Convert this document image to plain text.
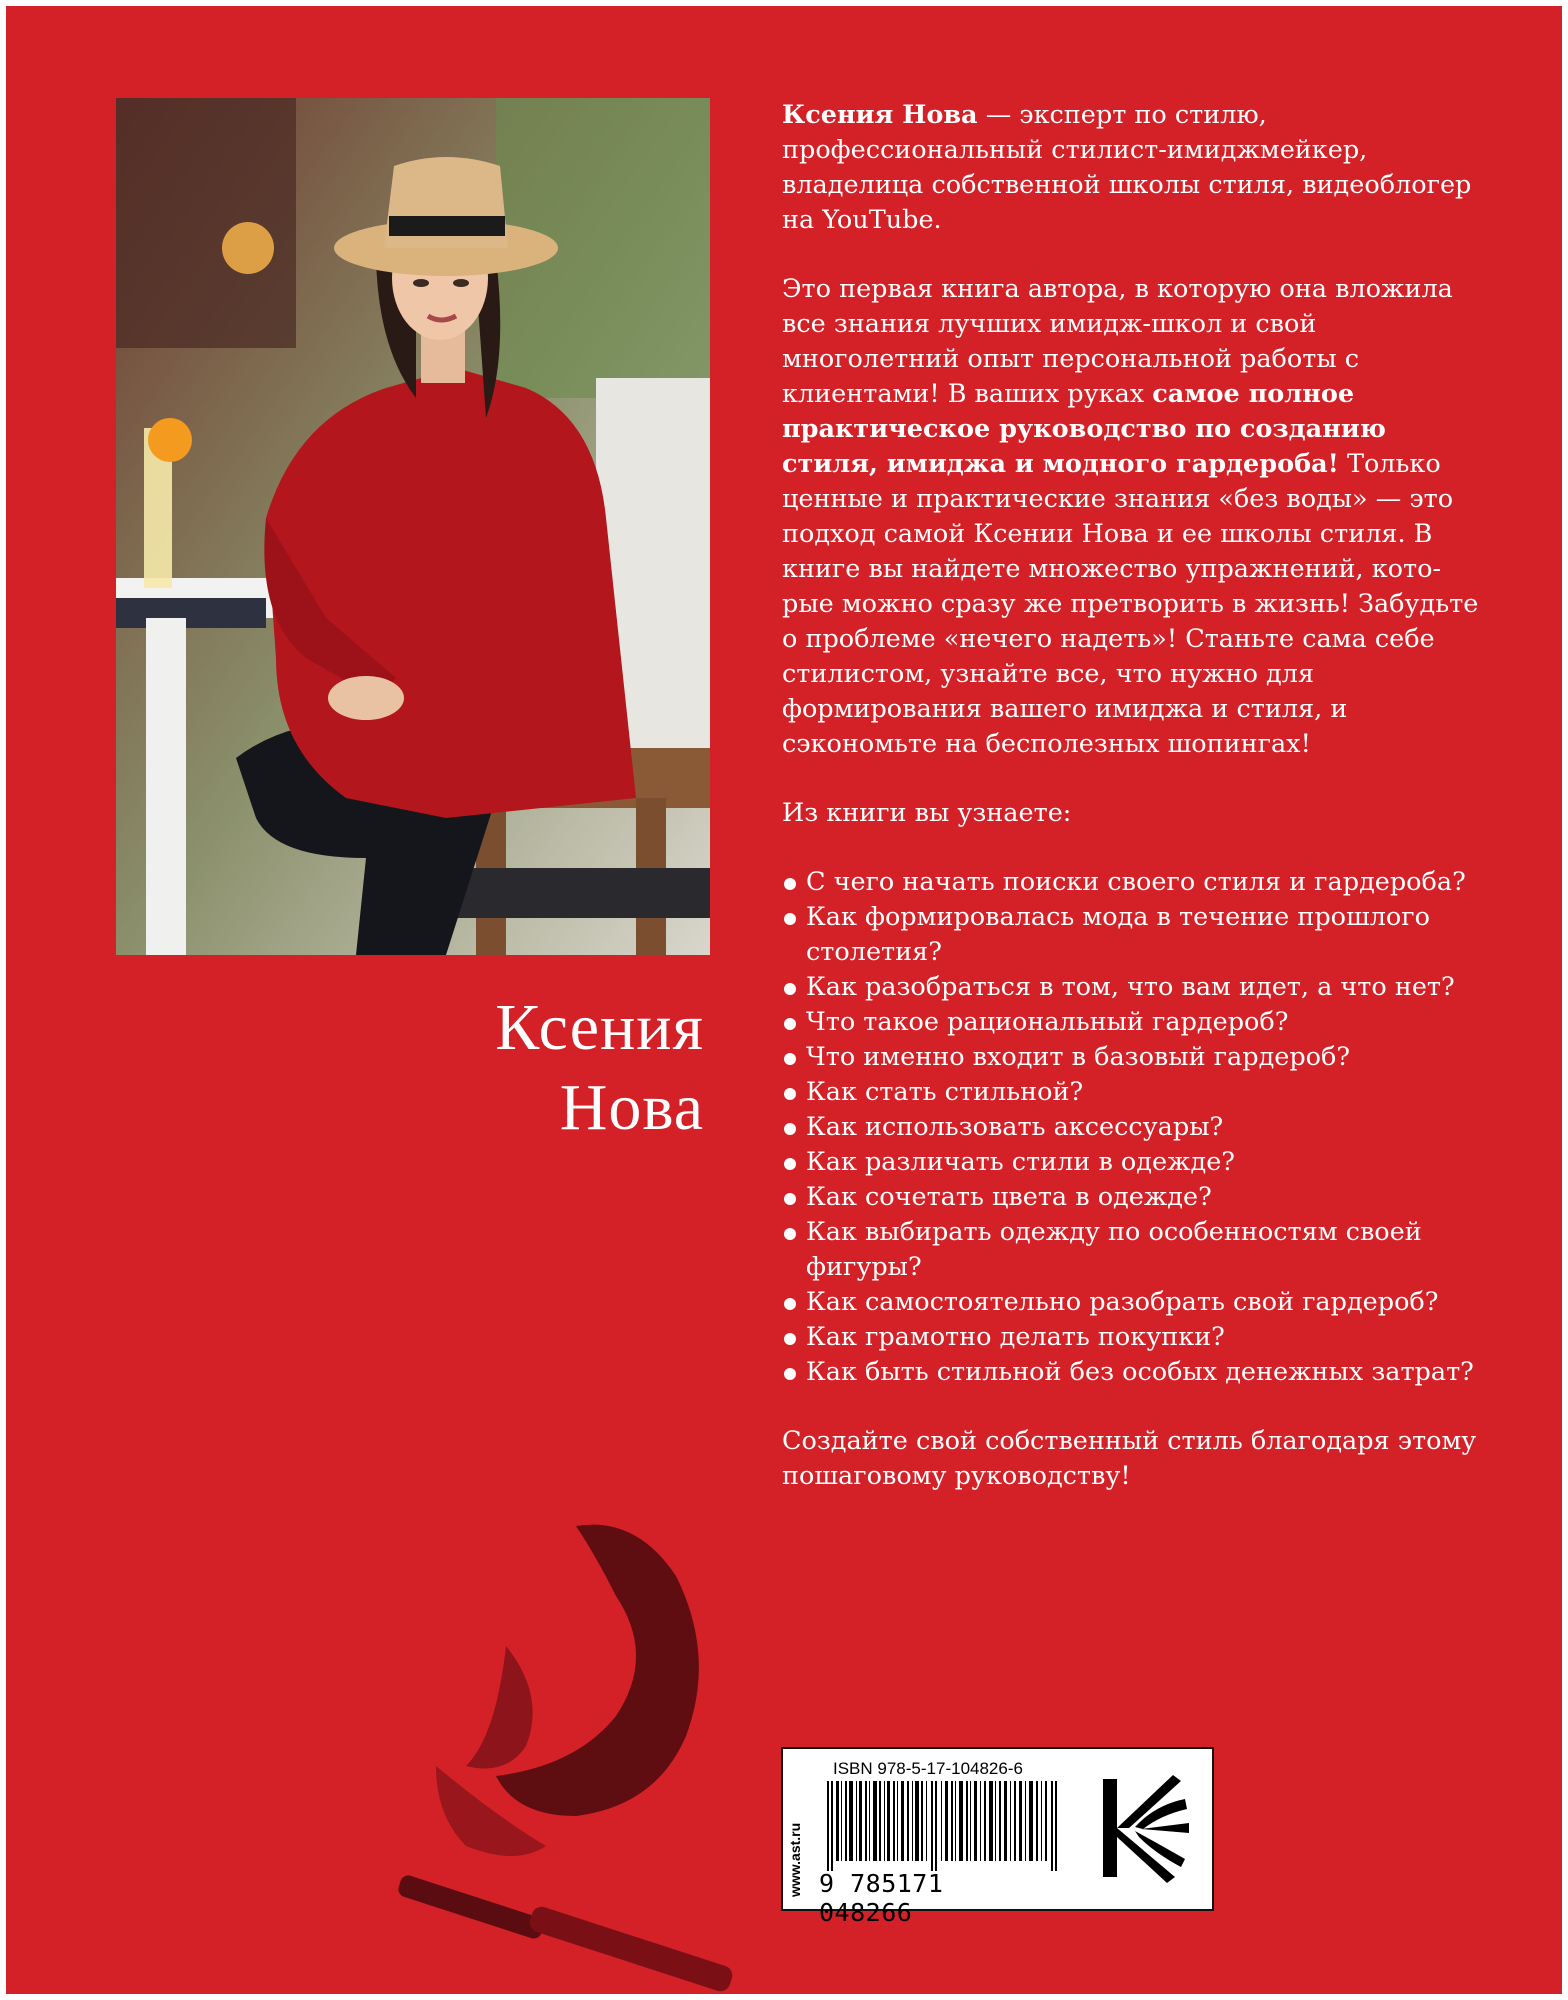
Ксения
Нова

Ксения Нова — эксперт по стилю, профессиональный стилист-имиджмейкер, владелица собственной школы стиля, видеоблогер на YouTube.

Это первая книга автора, в которую она вложила все знания лучших имидж-школ и свой многолетний опыт персональной работы с клиентами! В ваших руках самое полное практическое руководство по созданию стиля, имиджа и модного гардероба! Только ценные и практические знания «без воды» — это подход самой Ксении Нова и ее школы стиля. В книге вы найдете множество упражнений, кото-рые можно сразу же претворить в жизнь! Забудьте о проблеме «нечего надеть»! Станьте сама себе стилистом, узнайте все, что нужно для формирования вашего имиджа и стиля, и сэкономьте на бесполезных шопингах!

Из книги вы узнаете:

С чего начать поиски своего стиля и гардероба?
Как формировалась мода в течение прошлого столетия?
Как разобраться в том, что вам идет, а что нет?
Что такое рациональный гардероб?
Что именно входит в базовый гардероб?
Как стать стильной?
Как использовать аксессуары?
Как различать стили в одежде?
Как сочетать цвета в одежде?
Как выбирать одежду по особенностям своей фигуры?
Как самостоятельно разобрать свой гардероб?
Как грамотно делать покупки?
Как быть стильной без особых денежных затрат?

Создайте свой собственный стиль благодаря этому пошаговому руководству!

www.ast.ru
ISBN 978-5-17-104826-6
9 785171 048266
